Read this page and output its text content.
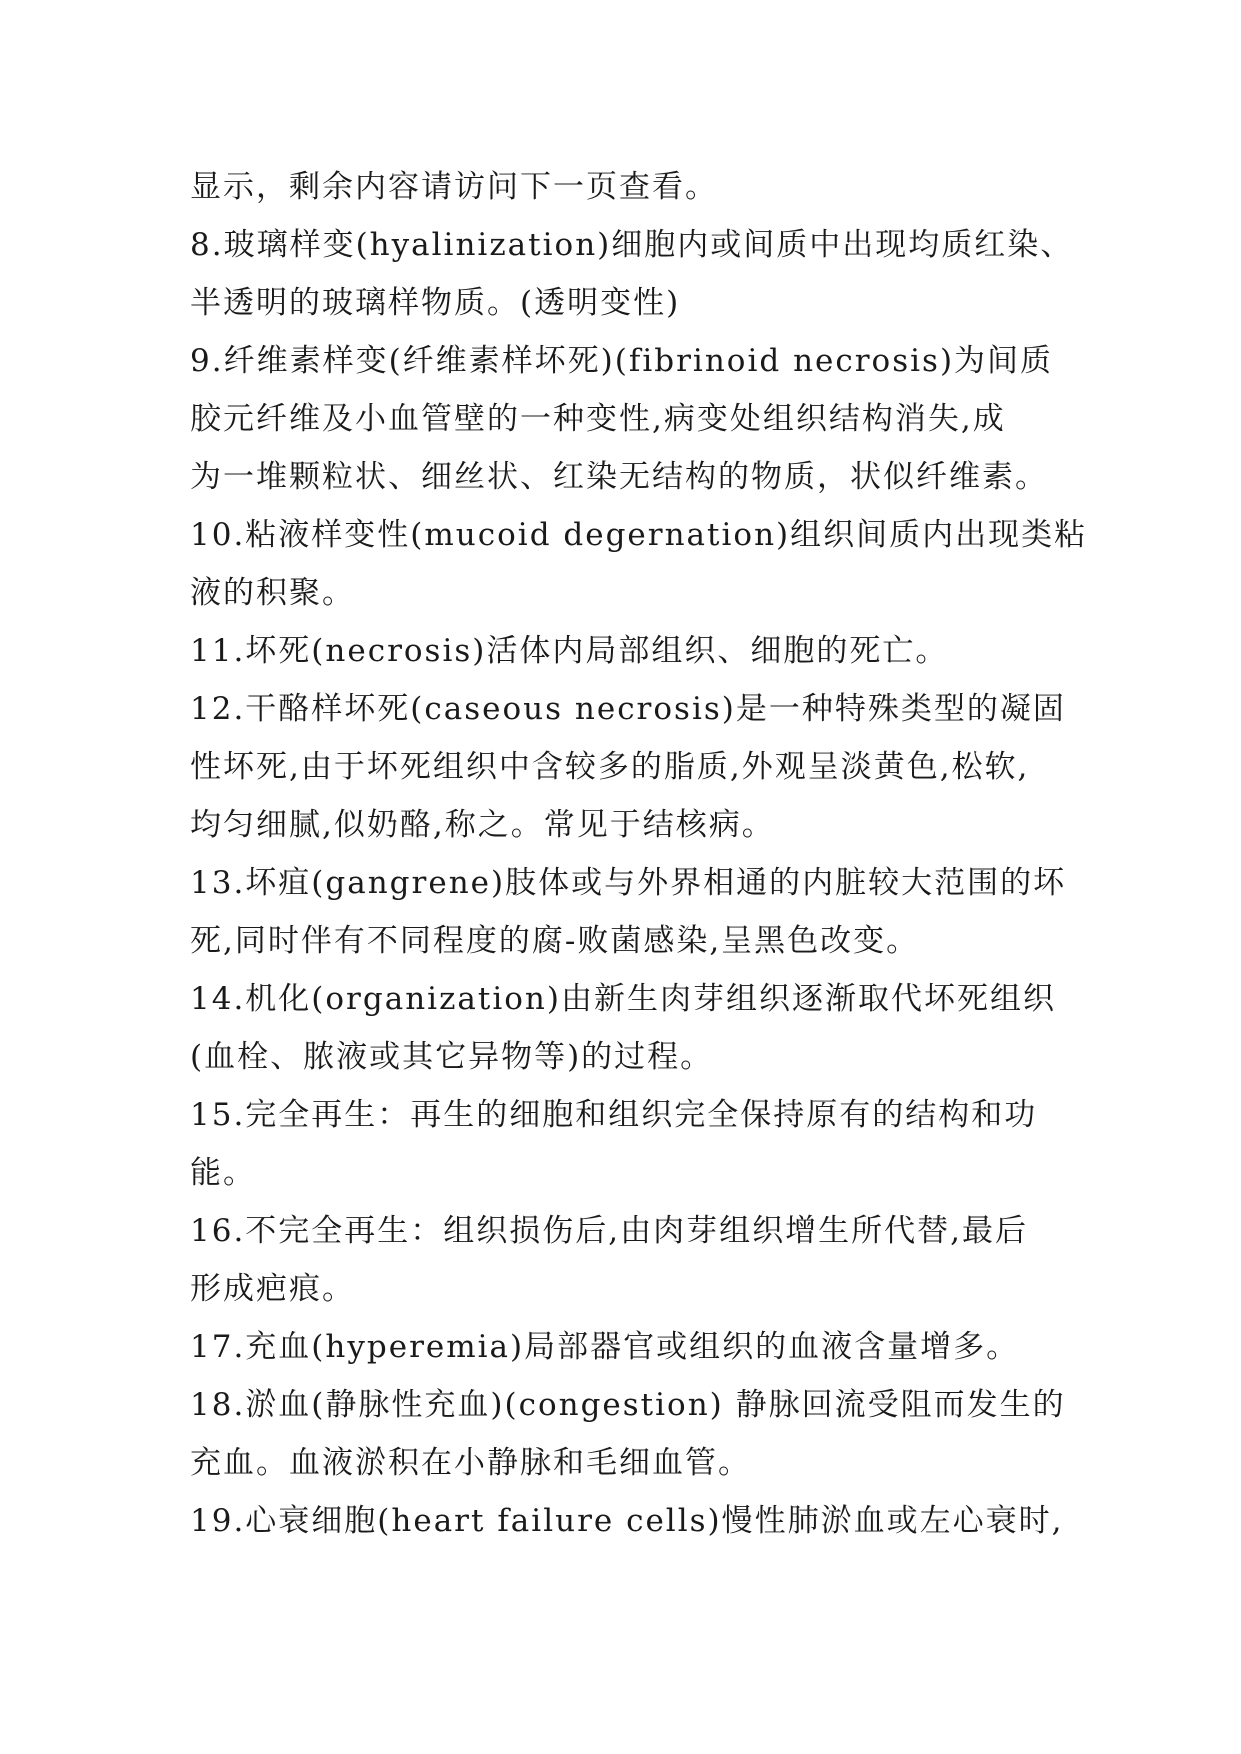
显示，剩余内容请访问下一页查看。
8.玻璃样变(hyalinization)细胞内或间质中出现均质红染、
半透明的玻璃样物质。(透明变性)
9.纤维素样变(纤维素样坏死)(fibrinoid necrosis)为间质
胶元纤维及小血管壁的一种变性,病变处组织结构消失,成
为一堆颗粒状、细丝状、红染无结构的物质，状似纤维素。
10.粘液样变性(mucoid degernation)组织间质内出现类粘
液的积聚。
11.坏死(necrosis)活体内局部组织、细胞的死亡。
12.干酪样坏死(caseous necrosis)是一种特殊类型的凝固
性坏死,由于坏死组织中含较多的脂质,外观呈淡黄色,松软,
均匀细腻,似奶酪,称之。常见于结核病。
13.坏疽(gangrene)肢体或与外界相通的内脏较大范围的坏
死,同时伴有不同程度的腐-败菌感染,呈黑色改变。
14.机化(organization)由新生肉芽组织逐渐取代坏死组织
(血栓、脓液或其它异物等)的过程。
15.完全再生：再生的细胞和组织完全保持原有的结构和功
能。
16.不完全再生：组织损伤后,由肉芽组织增生所代替,最后
形成疤痕。
17.充血(hyperemia)局部器官或组织的血液含量增多。
18.淤血(静脉性充血)(congestion) 静脉回流受阻而发生的
充血。血液淤积在小静脉和毛细血管。
19.心衰细胞(heart failure cells)慢性肺淤血或左心衰时,
